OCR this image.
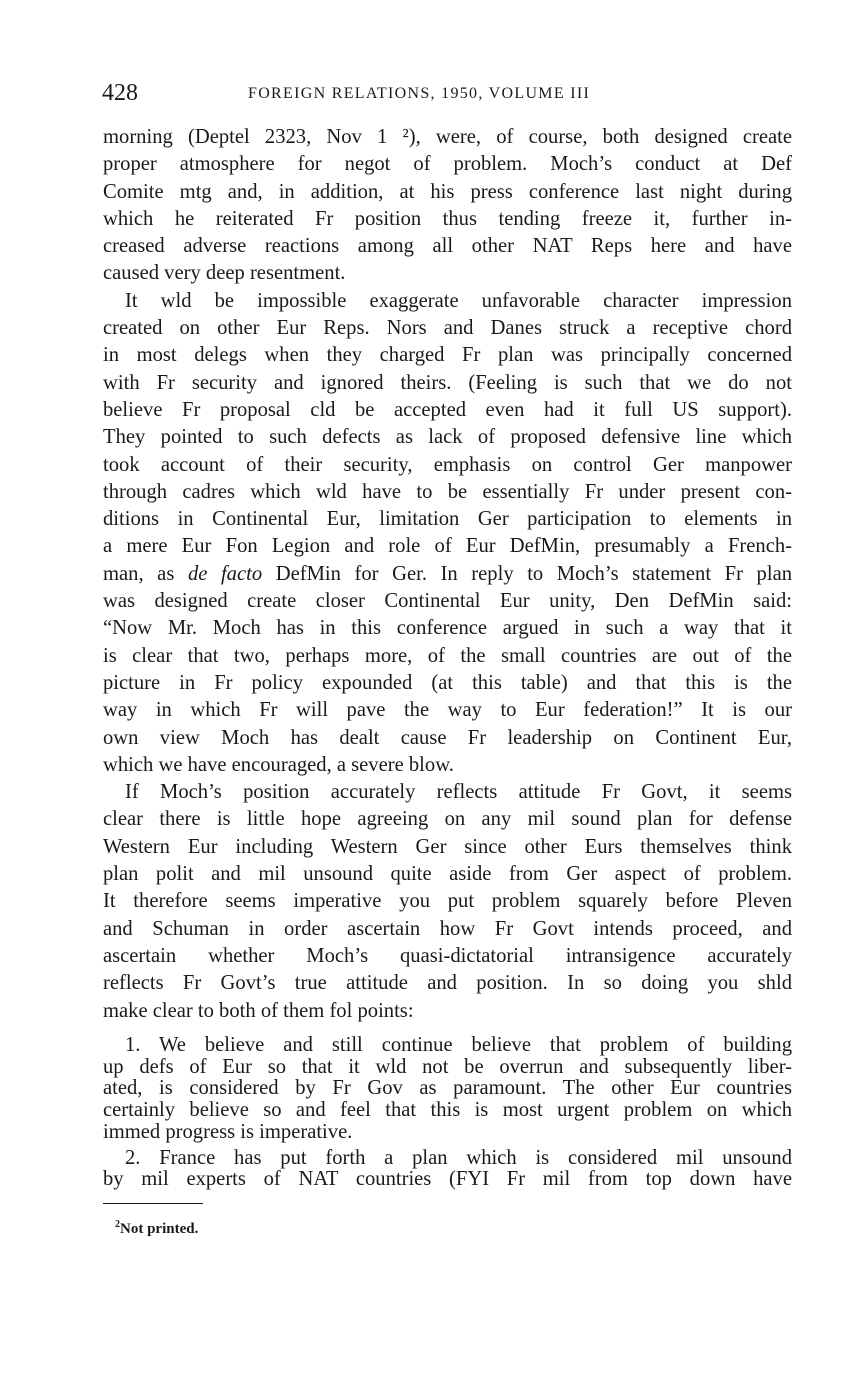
428	FOREIGN RELATIONS, 1950, VOLUME III
morning (Deptel 2323, Nov 1 ²), were, of course, both designed create
proper atmosphere for negot of problem. Moch’s conduct at Def
Comite mtg and, in addition, at his press conference last night during
which he reiterated Fr position thus tending freeze it, further in-
creased adverse reactions among all other NAT Reps here and have
caused very deep resentment.
It wld be impossible exaggerate unfavorable character impression
created on other Eur Reps. Nors and Danes struck a receptive chord
in most delegs when they charged Fr plan was principally concerned
with Fr security and ignored theirs. (Feeling is such that we do not
believe Fr proposal cld be accepted even had it full US support).
They pointed to such defects as lack of proposed defensive line which
took account of their security, emphasis on control Ger manpower
through cadres which wld have to be essentially Fr under present con-
ditions in Continental Eur, limitation Ger participation to elements in
a mere Eur Fon Legion and role of Eur DefMin, presumably a French-
man, as de facto DefMin for Ger. In reply to Moch’s statement Fr plan
was designed create closer Continental Eur unity, Den DefMin said:
“Now Mr. Moch has in this conference argued in such a way that it
is clear that two, perhaps more, of the small countries are out of the
picture in Fr policy expounded (at this table) and that this is the
way in which Fr will pave the way to Eur federation!” It is our
own view Moch has dealt cause Fr leadership on Continent Eur,
which we have encouraged, a severe blow.
If Moch’s position accurately reflects attitude Fr Govt, it seems
clear there is little hope agreeing on any mil sound plan for defense
Western Eur including Western Ger since other Eurs themselves think
plan polit and mil unsound quite aside from Ger aspect of problem.
It therefore seems imperative you put problem squarely before Pleven
and Schuman in order ascertain how Fr Govt intends proceed, and
ascertain whether Moch’s quasi-dictatorial intransigence accurately
reflects Fr Govt’s true attitude and position. In so doing you shld
make clear to both of them fol points:
1. We believe and still continue believe that problem of building
up defs of Eur so that it wld not be overrun and subsequently liber-
ated, is considered by Fr Gov as paramount. The other Eur countries
certainly believe so and feel that this is most urgent problem on which
immed progress is imperative.
2. France has put forth a plan which is considered mil unsound
by mil experts of NAT countries (FYI Fr mil from top down have
$^2$Not printed.
